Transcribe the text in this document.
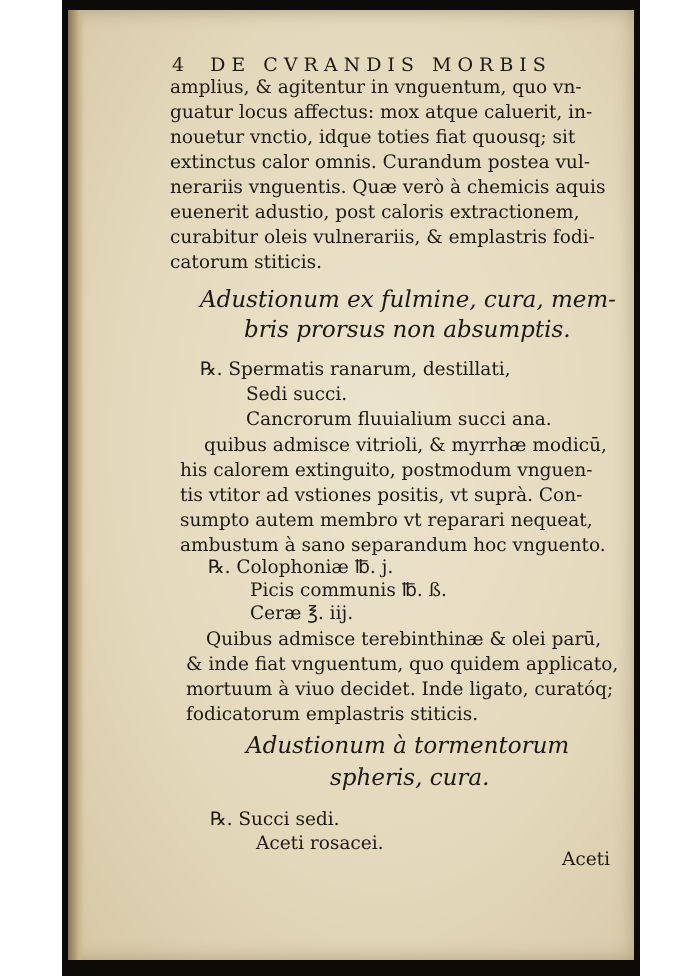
4 DE CVRANDIS MORBIS
amplius, & agitentur in vnguentum, quo vn-
guatur locus affectus: mox atque caluerit, in-
nouetur vnctio, idque toties fiat quousq; sit
extinctus calor omnis. Curandum postea vul-
nerariis vnguentis. Quæ verò à chemicis aquis
euenerit adustio, post caloris extractionem,
curabitur oleis vulnerariis, & emplastris fodi-
catorum stiticis.
Adustionum ex fulmine, cura, mem-
bris prorsus non absumptis.
℞. Spermatis ranarum, destillati,
Sedi succi.
Cancrorum fluuialium succi ana.
quibus admisce vitrioli, & myrrhæ modicū,
his calorem extinguito, postmodum vnguen-
tis vtitor ad vstiones positis, vt suprà. Con-
sumpto autem membro vt reparari nequeat,
ambustum à sano separandum hoc vnguento.
℞. Colophoniæ ℔. j.
Picis communis ℔. ß.
Ceræ ℥. iij.
Quibus admisce terebinthinæ & olei parū,
& inde fiat vnguentum, quo quidem applicato,
mortuum à viuo decidet. Inde ligato, curatóq;
fodicatorum emplastris stiticis.
Adustionum à tormentorum
spheris, cura.
℞. Succi sedi.
Aceti rosacei.
Aceti
